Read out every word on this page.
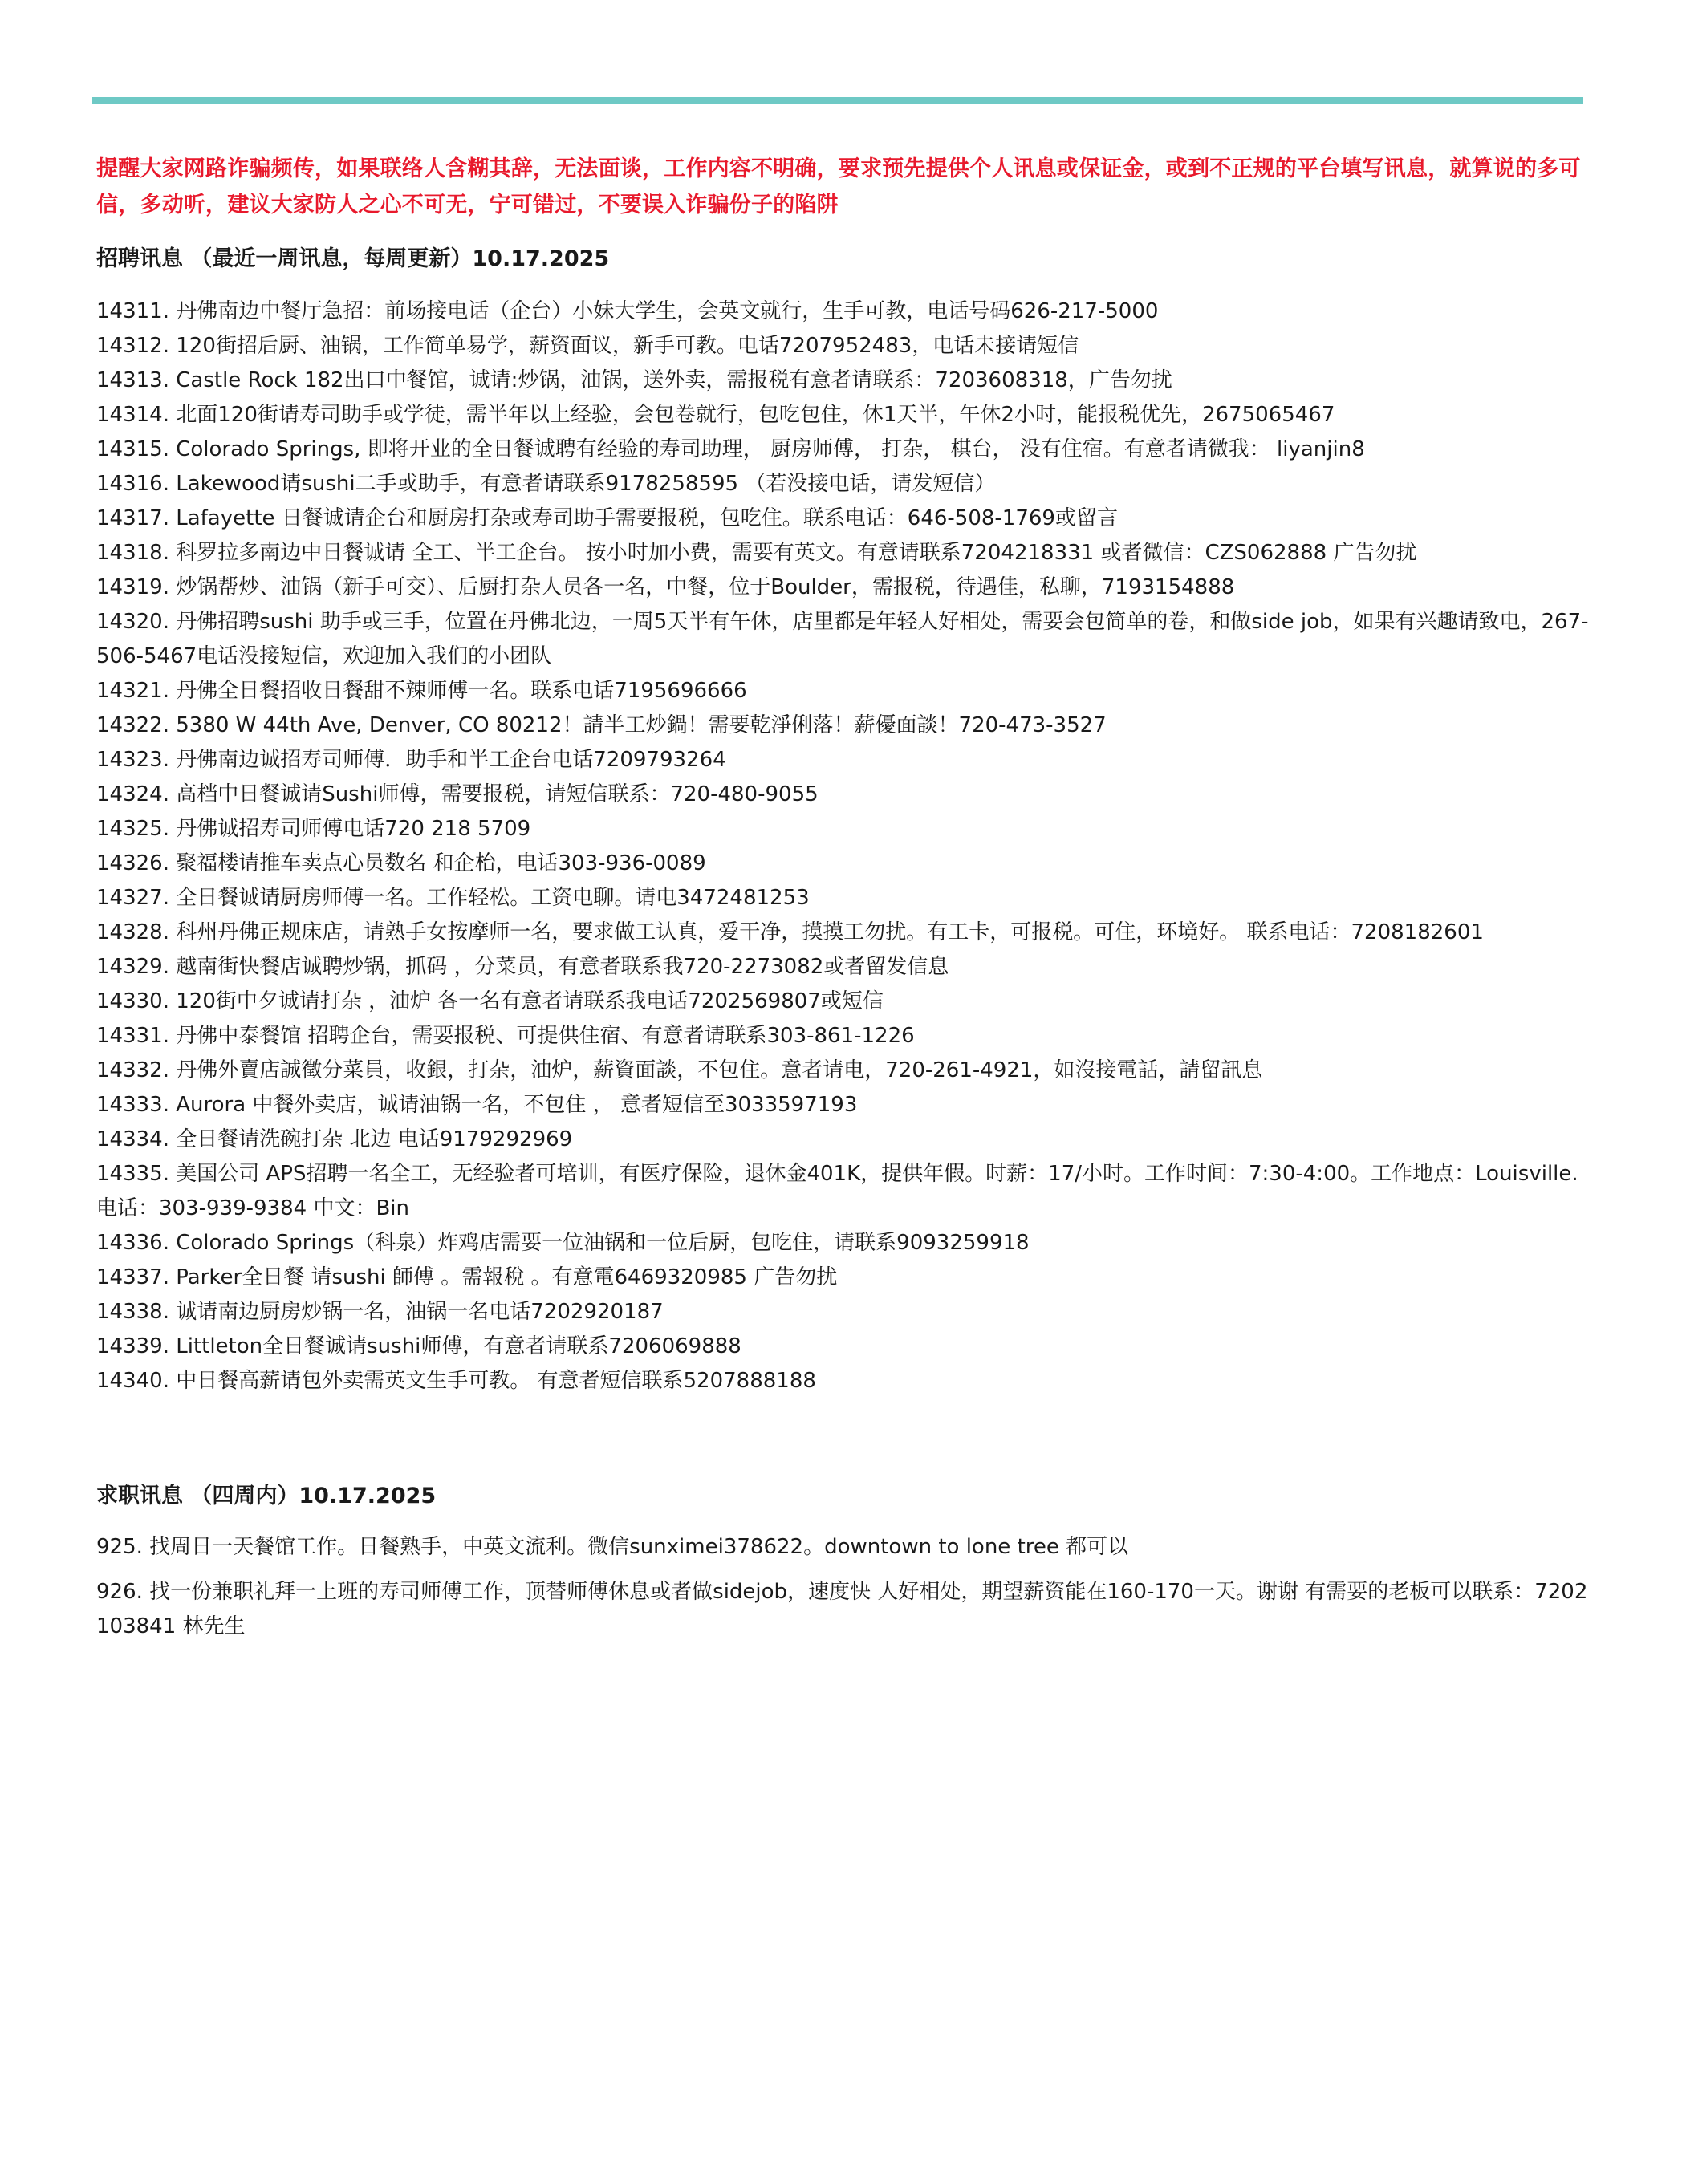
提醒大家网路诈骗频传，如果联络人含糊其辞，无法面谈，工作内容不明确，要求预先提供个人讯息或保证金，或到不正规的平台填写讯息，就算说的多可信，多动听，建议大家防人之心不可无，宁可错过，不要误入诈骗份子的陷阱

招聘讯息 （最近一周讯息，每周更新）10.17.2025
14311. 丹佛南边中餐厅急招：前场接电话（企台）小妹大学生，会英文就行，生手可教，电话号码626-217-5000
14312. 120街招后厨、油锅，工作简单易学，薪资面议，新手可教。电话7207952483，电话未接请短信
14313. Castle Rock 182出口中餐馆，诚请:炒锅，油锅，送外卖，需报税有意者请联系：7203608318，广告勿扰
14314. 北面120街请寿司助手或学徒，需半年以上经验，会包卷就行，包吃包住，休1天半，午休2小时，能报税优先，2675065467
14315. Colorado Springs, 即将开业的全日餐诚聘有经验的寿司助理， 厨房师傅， 打杂， 棋台， 没有住宿。有意者请微我： liyanjin8
14316. Lakewood请sushi二手或助手，有意者请联系9178258595 （若没接电话，请发短信）
14317. Lafayette 日餐诚请企台和厨房打杂或寿司助手需要报税，包吃住。联系电话：646-508-1769或留言
14318. 科罗拉多南边中日餐诚请 全工、半工企台。 按小时加小费，需要有英文。有意请联系7204218331 或者微信：CZS062888 广告勿扰
14319. 炒锅帮炒、油锅（新手可交）、后厨打杂人员各一名，中餐，位于Boulder，需报税，待遇佳，私聊，7193154888
14320. 丹佛招聘sushi 助手或三手，位置在丹佛北边，一周5天半有午休，店里都是年轻人好相处，需要会包简单的卷，和做side job，如果有兴趣请致电，267-506-5467电话没接短信，欢迎加入我们的小团队
14321. 丹佛全日餐招收日餐甜不辣师傅一名。联系电话7195696666
14322. 5380 W 44th Ave, Denver, CO 80212！請半工炒鍋！需要乾淨俐落！薪優面談！720-473-3527
14323. 丹佛南边诚招寿司师傅．助手和半工企台电话7209793264
14324. 高档中日餐诚请Sushi师傅，需要报税，请短信联系：720-480-9055
14325. 丹佛诚招寿司师傅电话720 218 5709
14326. 聚福楼请推车卖点心员数名 和企枱，电话303-936-0089
14327. 全日餐诚请厨房师傅一名。工作轻松。工资电聊。请电3472481253
14328. 科州丹佛正规床店，请熟手女按摩师一名，要求做工认真，爱干净，摸摸工勿扰。有工卡，可报税。可住，环境好。 联系电话：7208182601
14329. 越南街快餐店诚聘炒锅，抓码 ，分菜员，有意者联系我720-2273082或者留发信息
14330. 120街中夕诚请打杂 ，油炉 各一名有意者请联系我电话7202569807或短信
14331. 丹佛中泰餐馆 招聘企台，需要报税、可提供住宿、有意者请联系303-861-1226
14332. 丹佛外賣店誠徵分菜員，收銀，打杂，油炉，薪資面談，不包住。意者请电，720-261-4921，如沒接電話，請留訊息
14333. Aurora 中餐外卖店，诚请油锅一名，不包住 ， 意者短信至3033597193
14334. 全日餐请洗碗打杂 北边 电话9179292969
14335. 美国公司 APS招聘一名全工，无经验者可培训，有医疗保险，退休金401K，提供年假。时薪：17/小时。工作时间：7:30-4:00。工作地点：Louisville.电话：303-939-9384 中文：Bin
14336. Colorado Springs（科泉）炸鸡店需要一位油锅和一位后厨，包吃住，请联系9093259918
14337. Parker全日餐 请sushi 師傅 。需報稅 。有意電6469320985 广告勿扰
14338. 诚请南边厨房炒锅一名，油锅一名电话7202920187
14339. Littleton全日餐诚请sushi师傅，有意者请联系7206069888
14340. 中日餐高薪请包外卖需英文生手可教。 有意者短信联系5207888188
求职讯息 （四周内）10.17.2025
925. 找周日一天餐馆工作。日餐熟手，中英文流利。微信sunximei378622。downtown to lone tree 都可以
926. 找一份兼职礼拜一上班的寿司师傅工作，顶替师傅休息或者做sidejob，速度快 人好相处，期望薪资能在160-170一天。谢谢 有需要的老板可以联系：7202103841 林先生
